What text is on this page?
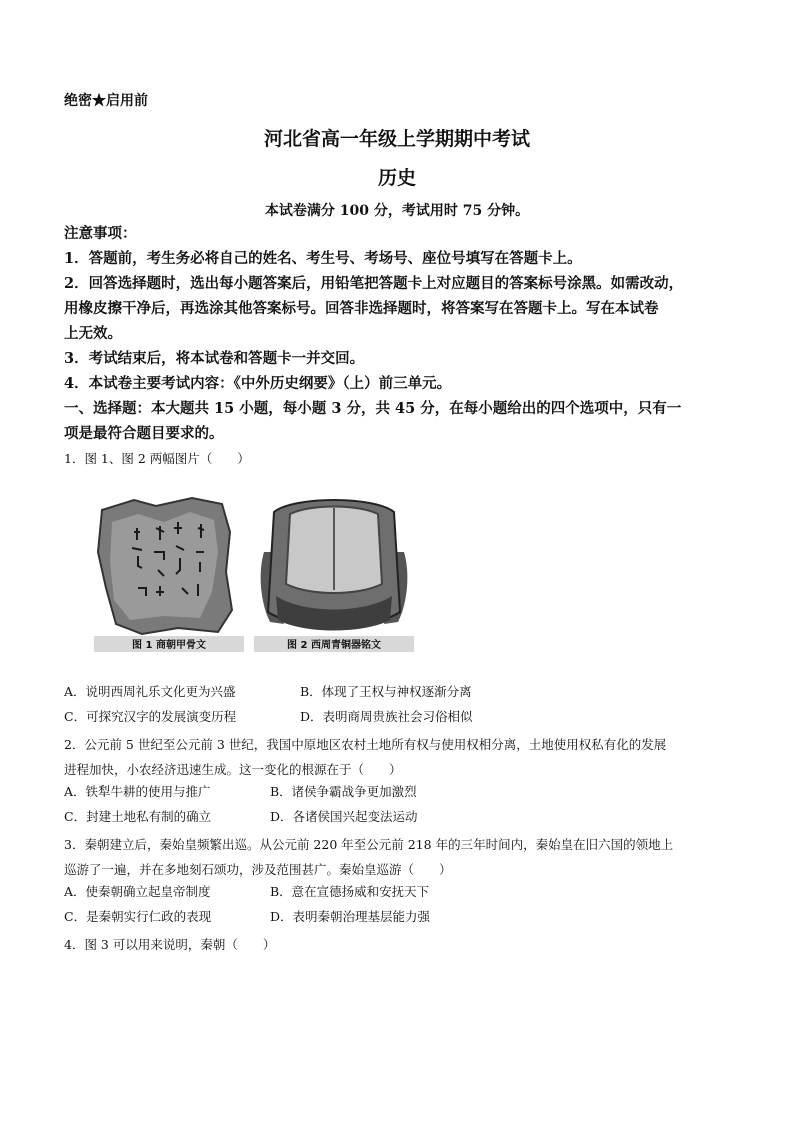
绝密★启用前
河北省高一年级上学期期中考试
历史
本试卷满分 100 分，考试用时 75 分钟。
注意事项：
1．答题前，考生务必将自己的姓名、考生号、考场号、座位号填写在答题卡上。
2．回答选择题时，选出每小题答案后，用铅笔把答题卡上对应题目的答案标号涂黑。如需改动，
用橡皮擦干净后，再选涂其他答案标号。回答非选择题时，将答案写在答题卡上。写在本试卷
上无效。
3．考试结束后，将本试卷和答题卡一并交回。
4．本试卷主要考试内容：《中外历史纲要》（上）前三单元。
一、选择题：本大题共 15 小题，每小题 3 分，共 45 分，在每小题给出的四个选项中，只有一
项是最符合题目要求的。
1．图 1、图 2 两幅图片（　　）
图 1 商朝甲骨文	图 2 西周青铜器铭文
A．说明西周礼乐文化更为兴盛	B．体现了王权与神权逐渐分离
C．可探究汉字的发展演变历程	D．表明商周贵族社会习俗相似
2．公元前 5 世纪至公元前 3 世纪，我国中原地区农村土地所有权与使用权相分离，土地使用权私有化的发展
进程加快，小农经济迅速生成。这一变化的根源在于（　　）
A．铁犁牛耕的使用与推广	B．诸侯争霸战争更加激烈
C．封建土地私有制的确立	D．各诸侯国兴起变法运动
3．秦朝建立后，秦始皇频繁出巡。从公元前 220 年至公元前 218 年的三年时间内，秦始皇在旧六国的领地上
巡游了一遍，并在多地刻石颂功，涉及范围甚广。秦始皇巡游（　　）
A．使秦朝确立起皇帝制度	B．意在宣德扬威和安抚天下
C．是秦朝实行仁政的表现	D．表明秦朝治理基层能力强
4．图 3 可以用来说明，秦朝（　　）
